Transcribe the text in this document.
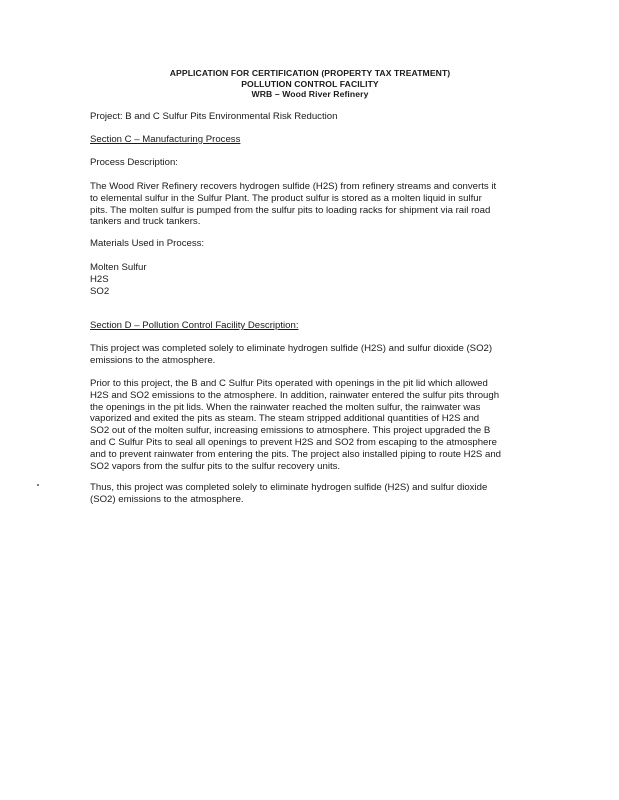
APPLICATION FOR CERTIFICATION (PROPERTY TAX TREATMENT)
POLLUTION CONTROL FACILITY
WRB – Wood River Refinery
Project: B and C Sulfur Pits Environmental Risk Reduction
Section C – Manufacturing Process
Process Description:
The Wood River Refinery recovers hydrogen sulfide (H2S) from refinery streams and converts it
to elemental sulfur in the Sulfur Plant. The product sulfur is stored as a molten liquid in sulfur
pits. The molten sulfur is pumped from the sulfur pits to loading racks for shipment via rail road
tankers and truck tankers.
Materials Used in Process:
Molten Sulfur
H2S
SO2
Section D – Pollution Control Facility Description:
This project was completed solely to eliminate hydrogen sulfide (H2S) and sulfur dioxide (SO2)
emissions to the atmosphere.
Prior to this project, the B and C Sulfur Pits operated with openings in the pit lid which allowed
H2S and SO2 emissions to the atmosphere. In addition, rainwater entered the sulfur pits through
the openings in the pit lids. When the rainwater reached the molten sulfur, the rainwater was
vaporized and exited the pits as steam. The steam stripped additional quantities of H2S and
SO2 out of the molten sulfur, increasing emissions to atmosphere. This project upgraded the B
and C Sulfur Pits to seal all openings to prevent H2S and SO2 from escaping to the atmosphere
and to prevent rainwater from entering the pits. The project also installed piping to route H2S and
SO2 vapors from the sulfur pits to the sulfur recovery units.
Thus, this project was completed solely to eliminate hydrogen sulfide (H2S) and sulfur dioxide
(SO2) emissions to the atmosphere.
